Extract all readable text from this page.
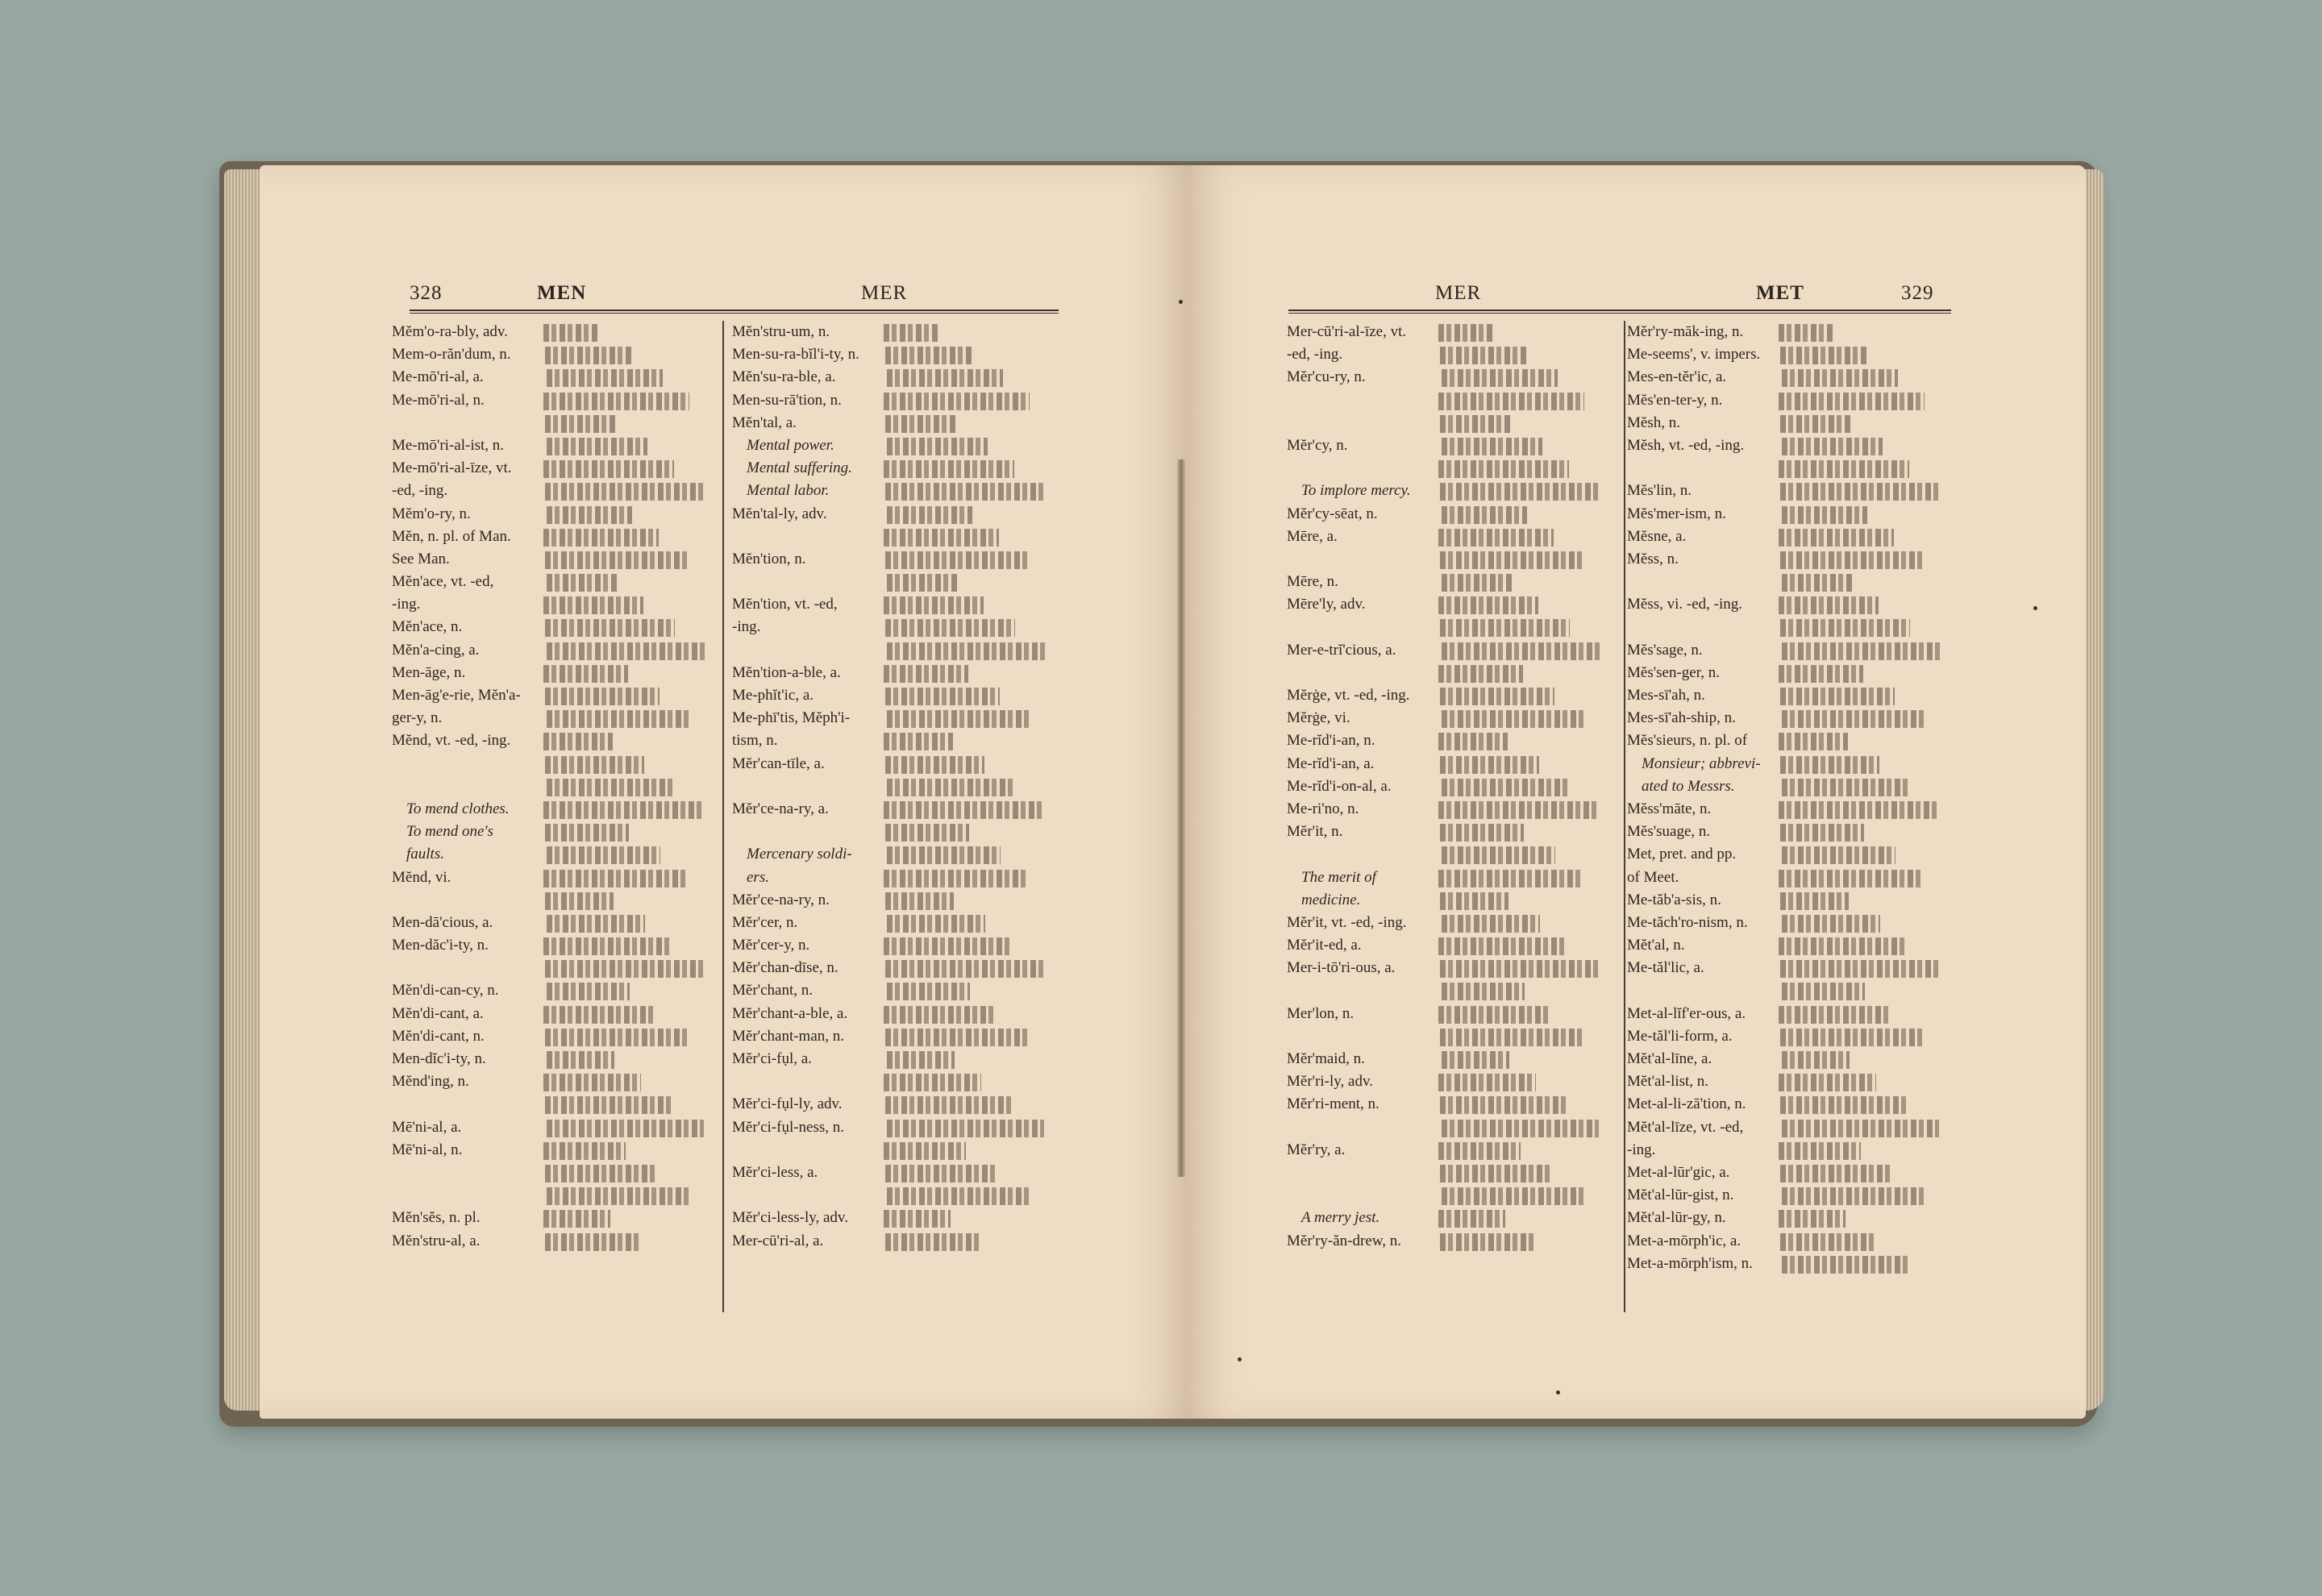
328	MEN	MER	MER	MET	329
Mĕm'o-ra-bly, adv.
Mem-o-răn'dum, n.
Me-mō'ri-al, a.
Me-mō'ri-al, n.
Me-mō'ri-al-ist, n.
Me-mō'ri-al-īze, vt.
-ed, -ing.
Mĕm'o-ry, n.
Mĕn, n. pl. of Man.
See Man.
Mĕn'ace, vt. -ed,
-ing.
Mĕn'ace, n.
Mĕn'a-cing, a.
Men-āge, n.
Men-āg'e-rie, Mĕn'a-
ger-y, n.
Mĕnd, vt. -ed, -ing.
To mend clothes.
To mend one's
faults.
Mĕnd, vi.
Men-dā'cious, a.
Men-dăc'i-ty, n.
Mĕn'di-can-cy, n.
Mĕn'di-cant, a.
Mĕn'di-cant, n.
Men-dĭc'i-ty, n.
Mĕnd'ing, n.
Mē'ni-al, a.
Mē'ni-al, n.
Mĕn'sĕs, n. pl.
Mĕn'stru-al, a.
Mĕn'stru-um, n.
Men-su-ra-bĭl'i-ty, n.
Mĕn'su-ra-ble, a.
Men-su-rā'tion, n.
Mĕn'tal, a.
Mental power.
Mental suffering.
Mental labor.
Mĕn'tal-ly, adv.
Mĕn'tion, n.
Mĕn'tion, vt. -ed,
-ing.
Mĕn'tion-a-ble, a.
Me-phĭt'ic, a.
Me-phī'tis, Mĕph'i-
tism, n.
Mĕr'can-tīle, a.
Mĕr'ce-na-ry, a.
Mercenary soldi-
ers.
Mĕr'ce-na-ry, n.
Mĕr'cer, n.
Mĕr'cer-y, n.
Mĕr'chan-dīse, n.
Mĕr'chant, n.
Mĕr'chant-a-ble, a.
Mĕr'chant-man, n.
Mĕr'ci-fụl, a.
Mĕr'ci-fụl-ly, adv.
Mĕr'ci-fụl-ness, n.
Mĕr'ci-less, a.
Mĕr'ci-less-ly, adv.
Mer-cū'ri-al, a.
Mer-cū'ri-al-īze, vt.
-ed, -ing.
Mĕr'cu-ry, n.
Mĕr'cy, n.
To implore mercy.
Mĕr'cy-sēat, n.
Mēre, a.
Mēre, n.
Mēre'ly, adv.
Mer-e-trĭ'cious, a.
Mĕrġe, vt. -ed, -ing.
Mĕrġe, vi.
Me-rĭd'i-an, n.
Me-rĭd'i-an, a.
Me-rĭd'i-on-al, a.
Me-ri'no, n.
Mĕr'it, n.
The merit of
medicine.
Mĕr'it, vt. -ed, -ing.
Mĕr'it-ed, a.
Mer-i-tō'ri-ous, a.
Mer'lon, n.
Mĕr'maid, n.
Mĕr'ri-ly, adv.
Mĕr'ri-ment, n.
Mĕr'ry, a.
A merry jest.
Mĕr'ry-ăn-drew, n.
Mĕr'ry-māk-ing, n.
Me-seems', v. impers.
Mes-en-tĕr'ic, a.
Mĕs'en-ter-y, n.
Mĕsh, n.
Mĕsh, vt. -ed, -ing.
Mĕs'lin, n.
Mĕs'mer-ism, n.
Mĕsne, a.
Mĕss, n.
Mĕss, vi. -ed, -ing.
Mĕs'sage, n.
Mĕs'sen-ger, n.
Mes-sī'ah, n.
Mes-sī'ah-ship, n.
Mĕs'sieurs, n. pl. of
Monsieur; abbrevi-
ated to Messrs.
Mĕss'māte, n.
Mĕs'suage, n.
Met, pret. and pp.
of Meet.
Me-tăb'a-sis, n.
Me-tăch'ro-nism, n.
Mĕt'al, n.
Me-tăl'lic, a.
Met-al-lĭf'er-ous, a.
Me-tăl'li-form, a.
Mĕt'al-līne, a.
Mĕt'al-list, n.
Met-al-li-zā'tion, n.
Mĕt'al-līze, vt. -ed,
-ing.
Met-al-lūr'gic, a.
Mĕt'al-lūr-gist, n.
Mĕt'al-lūr-gy, n.
Met-a-mōrph'ic, a.
Met-a-mōrph'ism, n.
